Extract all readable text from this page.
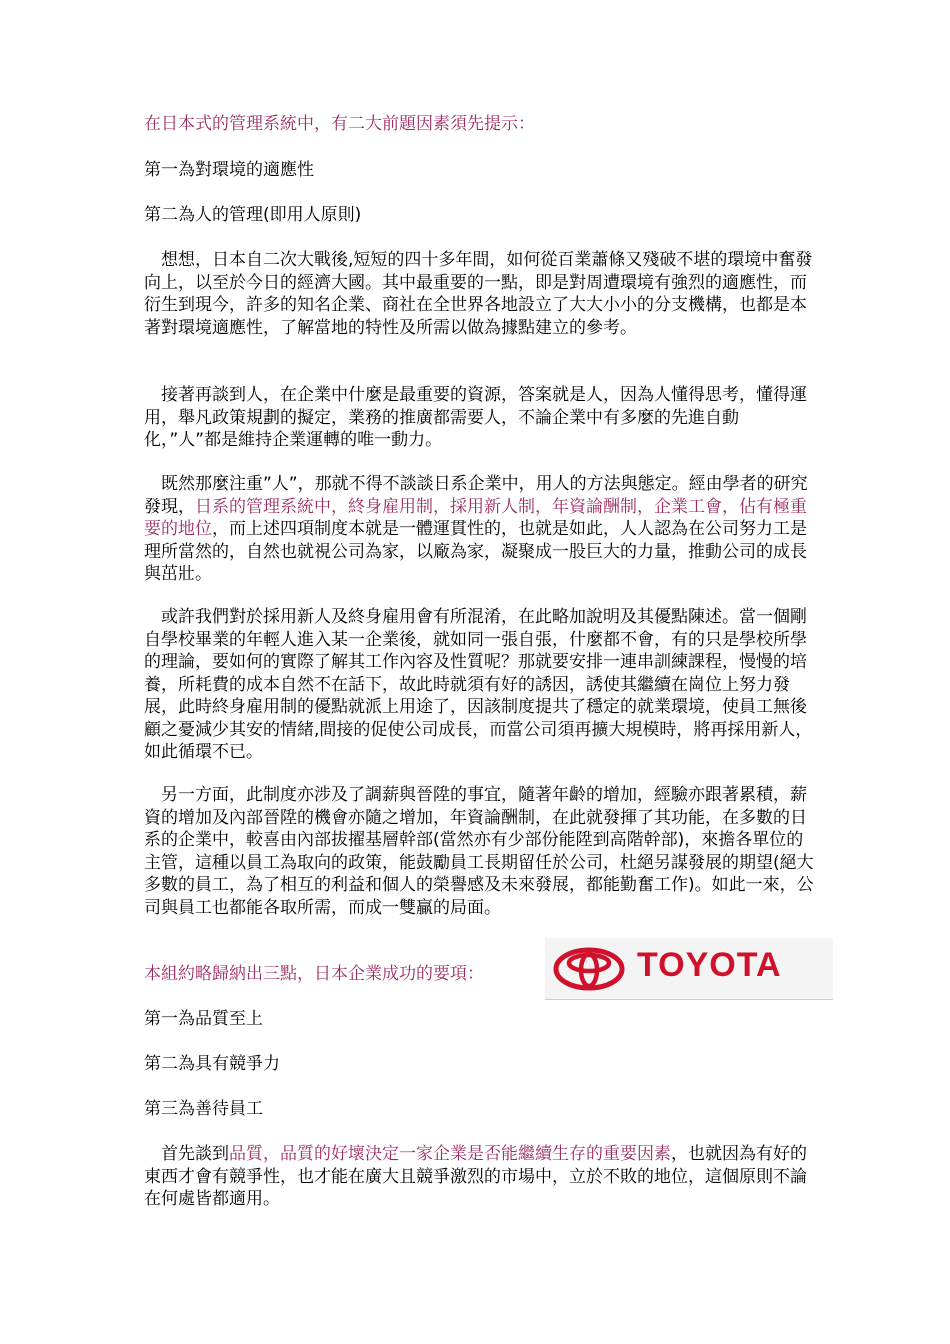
在日本式的管理系統中，有二大前題因素須先提示：

第一為對環境的適應性

第二為人的管理(即用人原則)

　想想，日本自二次大戰後,短短的四十多年間，如何從百業蕭條又殘破不堪的環境中奮發向上，以至於今日的經濟大國。其中最重要的一點，即是對周遭環境有強烈的適應性，而衍生到現今，許多的知名企業、商社在全世界各地設立了大大小小的分支機構，也都是本著對環境適應性，了解當地的特性及所需以做為據點建立的參考。

　接著再談到人，在企業中什麼是最重要的資源，答案就是人，因為人懂得思考，懂得運用，舉凡政策規劃的擬定，業務的推廣都需要人，不論企業中有多麼的先進自動化，”人”都是維持企業運轉的唯一動力。

　既然那麼注重”人”，那就不得不談談日系企業中，用人的方法與態定。經由學者的研究發現，日系的管理系統中，終身雇用制，採用新人制，年資論酬制，企業工會，佔有極重要的地位，而上述四項制度本就是一體運貫性的，也就是如此，人人認為在公司努力工是理所當然的，自然也就視公司為家，以廠為家，凝聚成一股巨大的力量，推動公司的成長與茁壯。

　或許我們對於採用新人及終身雇用會有所混淆，在此略加說明及其優點陳述。當一個剛自學校畢業的年輕人進入某一企業後，就如同一張自張，什麼都不會，有的只是學校所學的理論，要如何的實際了解其工作內容及性質呢？那就要安排一連串訓練課程，慢慢的培養，所耗費的成本自然不在話下，故此時就須有好的誘因，誘使其繼續在崗位上努力發展，此時終身雇用制的優點就派上用途了，因該制度提共了穩定的就業環境，使員工無後顧之憂減少其安的情緒,間接的促使公司成長，而當公司須再擴大規模時，將再採用新人，如此循環不已。

　另一方面，此制度亦涉及了調薪與晉陞的事宜，隨著年齡的增加，經驗亦跟著累積，薪資的增加及內部晉陞的機會亦隨之增加，年資論酬制，在此就發揮了其功能，在多數的日系的企業中，較喜由內部拔擢基層幹部(當然亦有少部份能陞到高階幹部)，來擔各單位的主管，這種以員工為取向的政策，能鼓勵員工長期留任於公司，杜絕另謀發展的期望(絕大多數的員工，為了相互的利益和個人的榮譽感及未來發展，都能勤奮工作)。如此一來，公司與員工也都能各取所需，而成一雙贏的局面。

本組約略歸納出三點，日本企業成功的要項：

第一為品質至上

第二為具有競爭力

第三為善待員工

　首先談到品質，品質的好壞決定一家企業是否能繼續生存的重要因素，也就因為有好的東西才會有競爭性，也才能在廣大且競爭激烈的市場中，立於不敗的地位，這個原則不論在何處皆都適用。

TOYOTA
